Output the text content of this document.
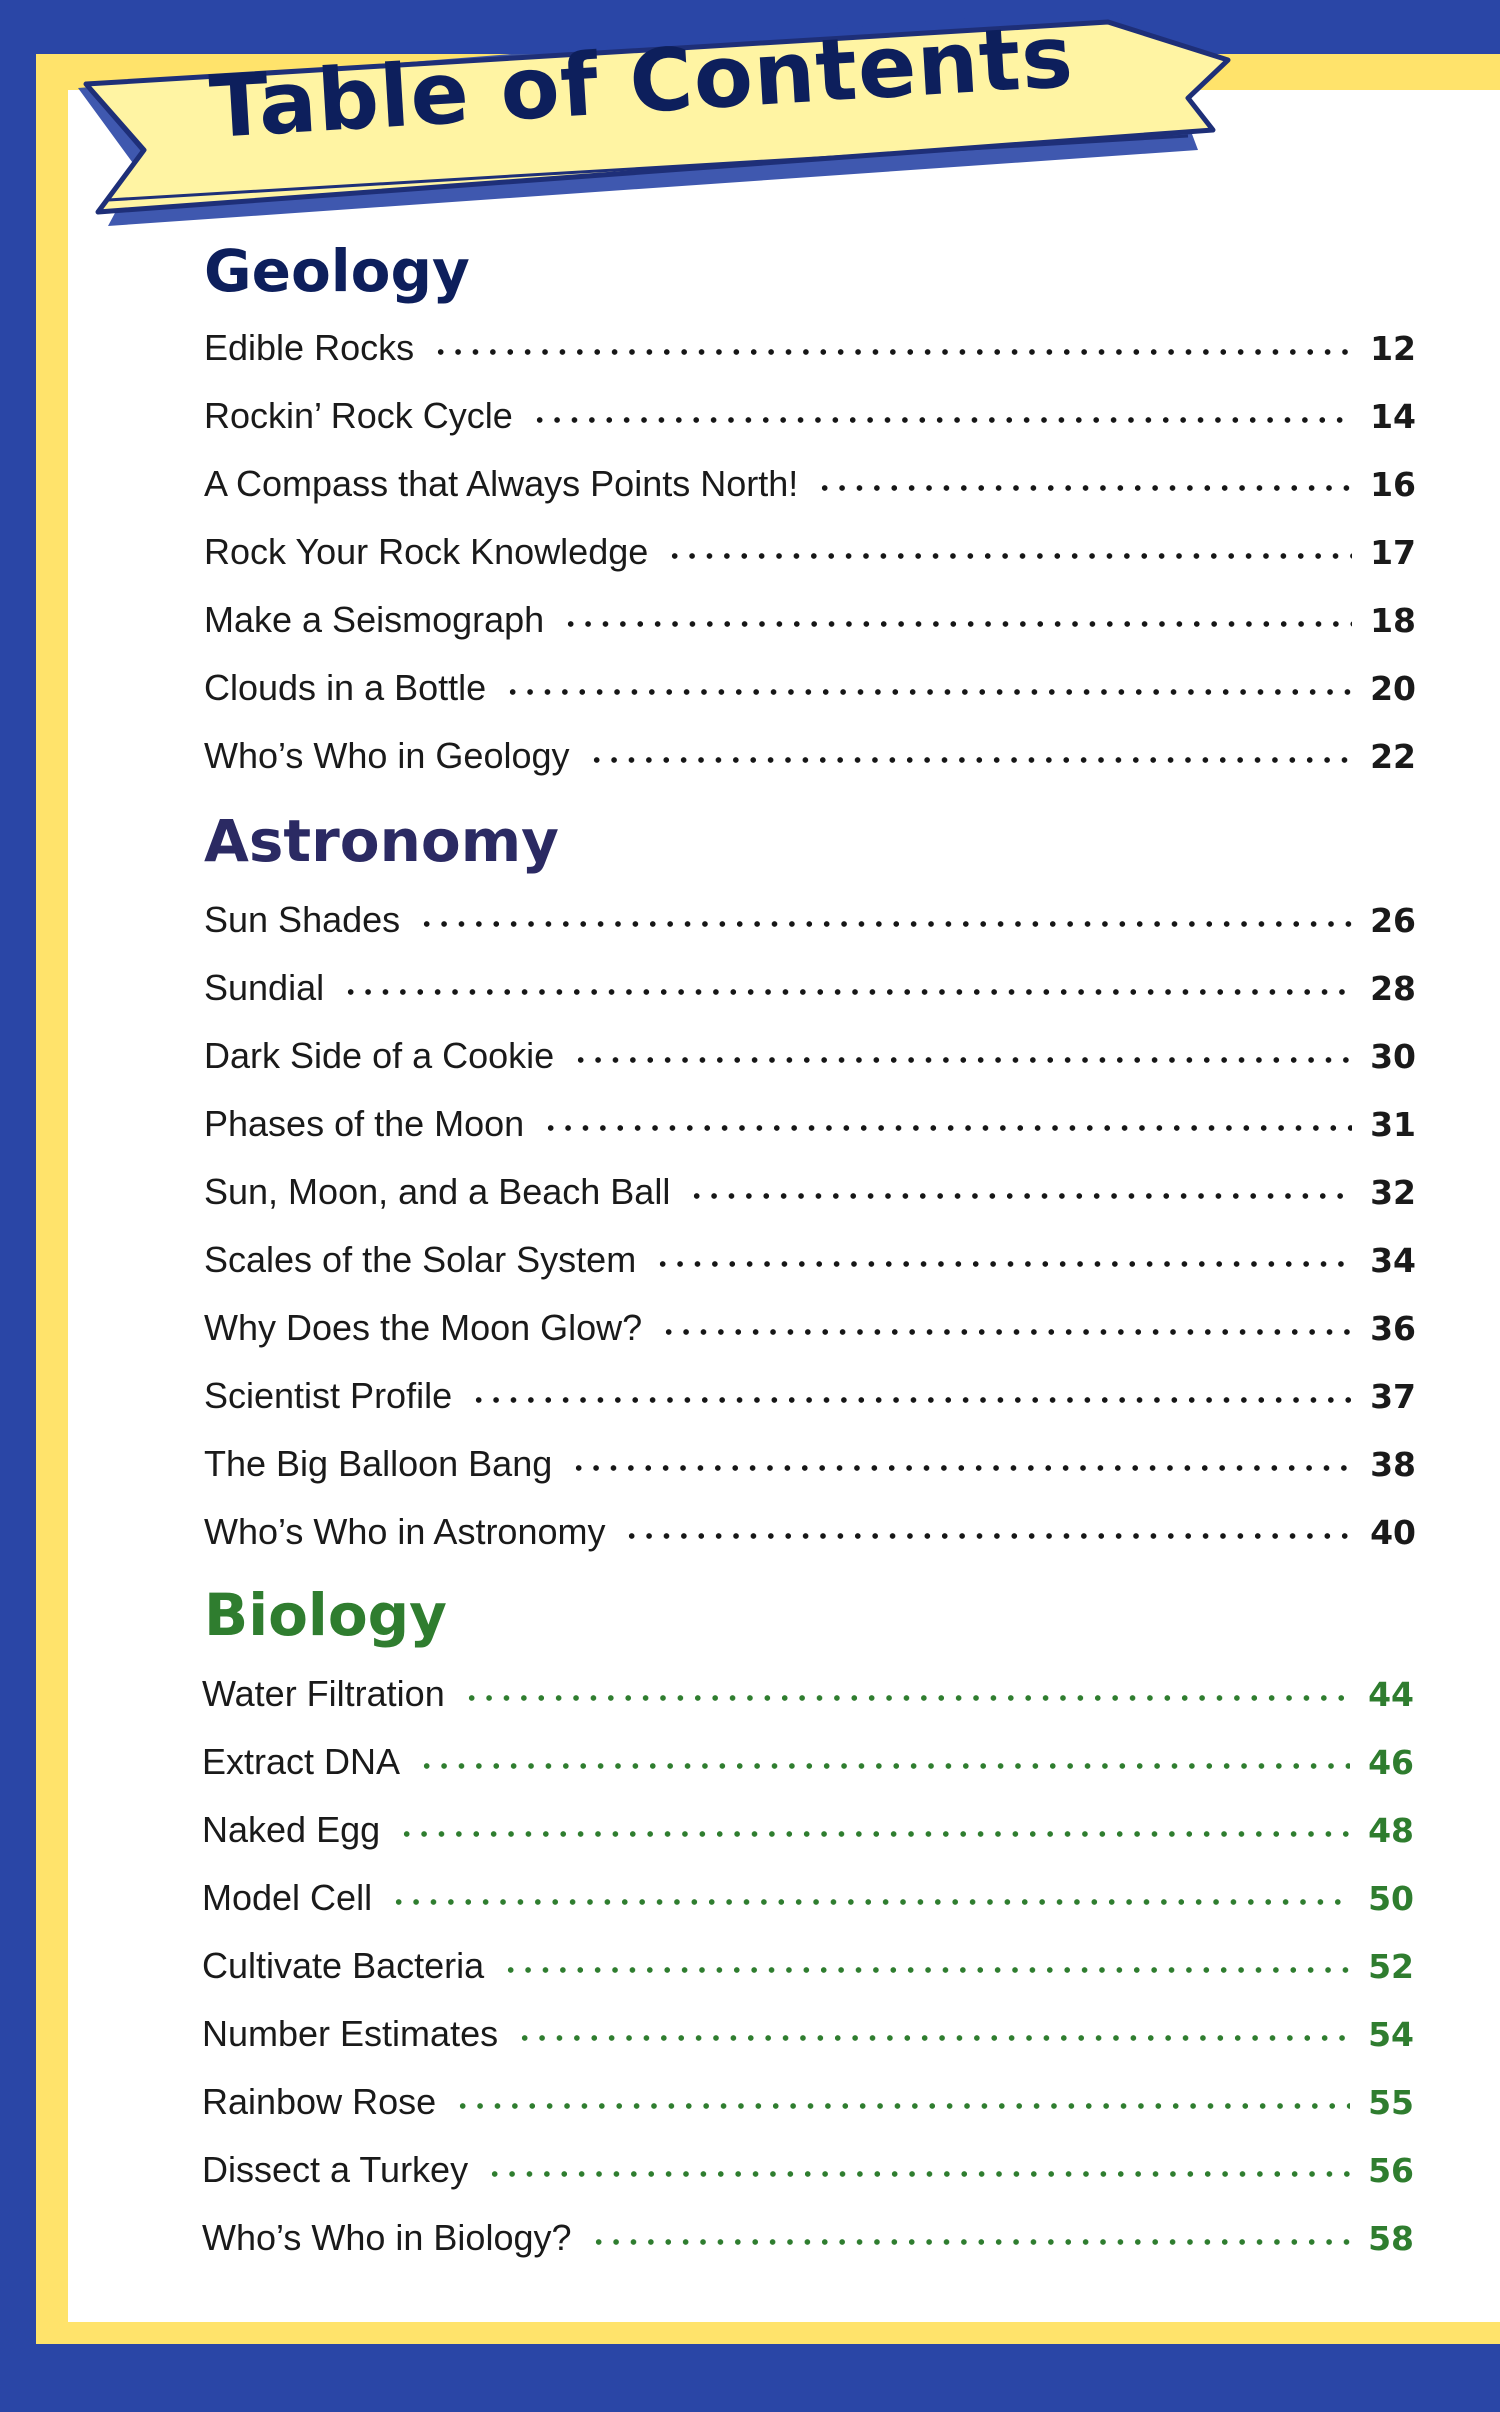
Table of Contents
Geology
Edible Rocks	12
Rockin’ Rock Cycle	14
A Compass that Always Points North!	16
Rock Your Rock Knowledge	17
Make a Seismograph	18
Clouds in a Bottle	20
Who’s Who in Geology	22
Astronomy
Sun Shades	26
Sundial	28
Dark Side of a Cookie	30
Phases of the Moon	31
Sun, Moon, and a Beach Ball	32
Scales of the Solar System	34
Why Does the Moon Glow?	36
Scientist Profile	37
The Big Balloon Bang	38
Who’s Who in Astronomy	40
Biology
Water Filtration	44
Extract DNA	46
Naked Egg	48
Model Cell	50
Cultivate Bacteria	52
Number Estimates	54
Rainbow Rose	55
Dissect a Turkey	56
Who’s Who in Biology?	58
